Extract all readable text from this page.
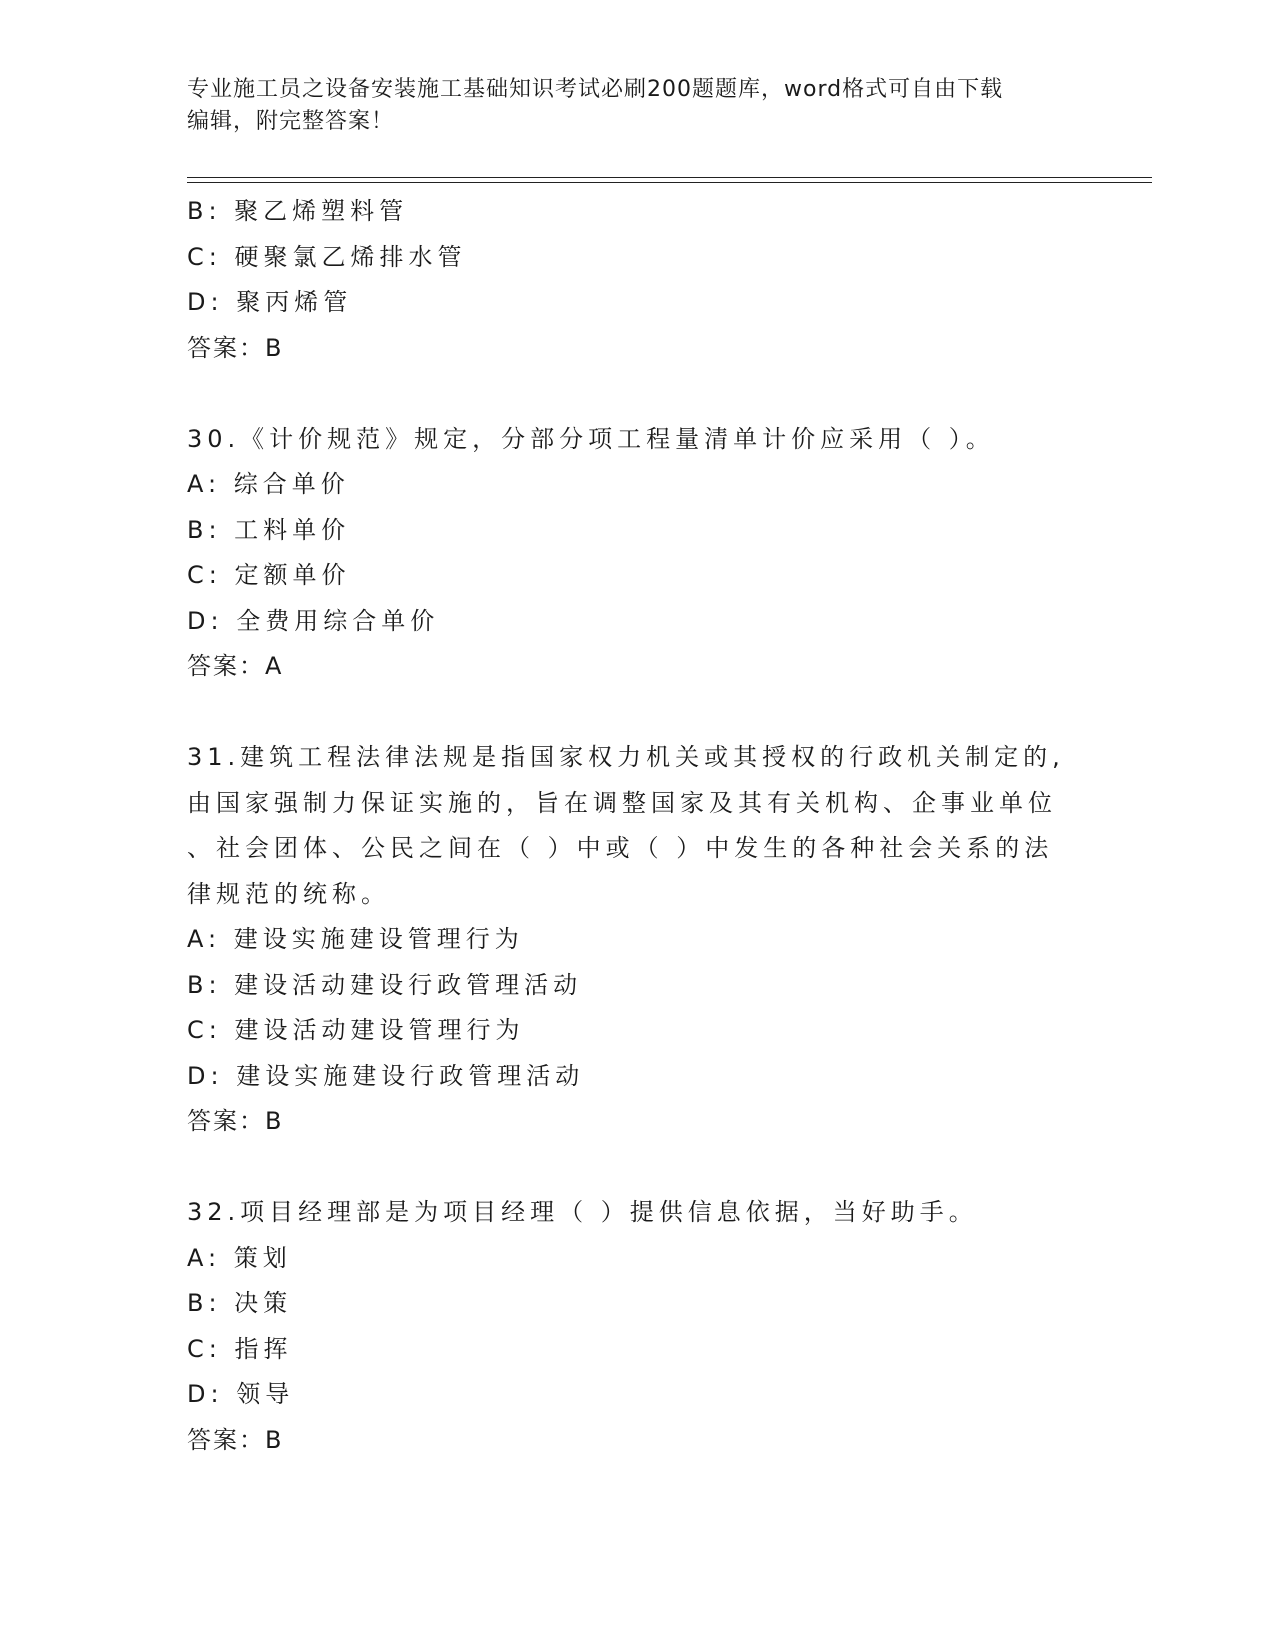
专业施工员之设备安装施工基础知识考试必刷200题题库，word格式可自由下载
编辑，附完整答案！
B: 聚乙烯塑料管
C: 硬聚氯乙烯排水管
D: 聚丙烯管
答案：B
30.《计价规范》规定，分部分项工程量清单计价应采用（ ）。
A: 综合单价
B: 工料单价
C: 定额单价
D: 全费用综合单价
答案：A
31.建筑工程法律法规是指国家权力机关或其授权的行政机关制定的,
由国家强制力保证实施的，旨在调整国家及其有关机构、企事业单位
、社会团体、公民之间在（ ）中或（ ）中发生的各种社会关系的法
律规范的统称。
A: 建设实施建设管理行为
B: 建设活动建设行政管理活动
C: 建设活动建设管理行为
D: 建设实施建设行政管理活动
答案：B
32.项目经理部是为项目经理（ ）提供信息依据，当好助手。
A: 策划
B: 决策
C: 指挥
D: 领导
答案：B
